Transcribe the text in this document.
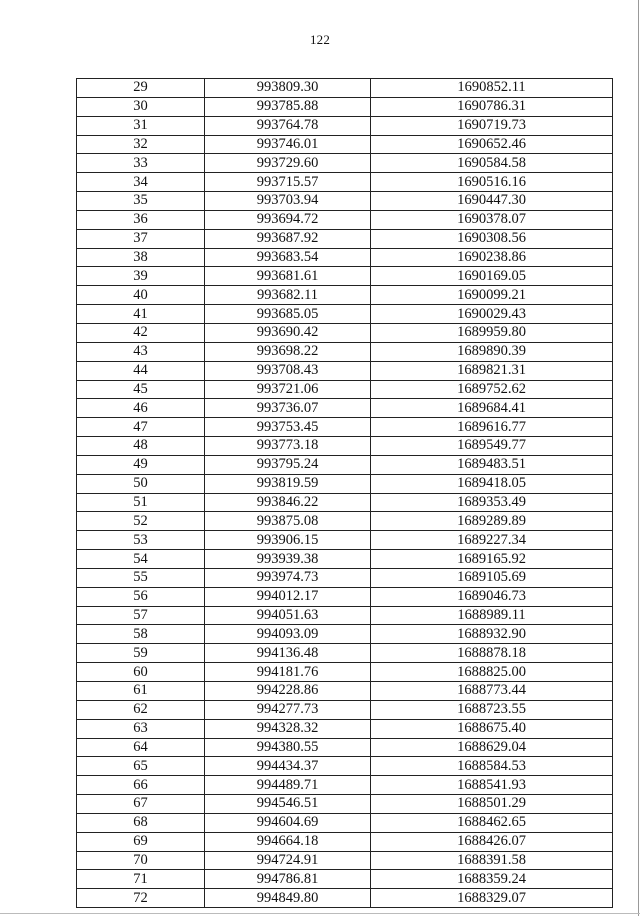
122
29	993809.30	1690852.11
30	993785.88	1690786.31
31	993764.78	1690719.73
32	993746.01	1690652.46
33	993729.60	1690584.58
34	993715.57	1690516.16
35	993703.94	1690447.30
36	993694.72	1690378.07
37	993687.92	1690308.56
38	993683.54	1690238.86
39	993681.61	1690169.05
40	993682.11	1690099.21
41	993685.05	1690029.43
42	993690.42	1689959.80
43	993698.22	1689890.39
44	993708.43	1689821.31
45	993721.06	1689752.62
46	993736.07	1689684.41
47	993753.45	1689616.77
48	993773.18	1689549.77
49	993795.24	1689483.51
50	993819.59	1689418.05
51	993846.22	1689353.49
52	993875.08	1689289.89
53	993906.15	1689227.34
54	993939.38	1689165.92
55	993974.73	1689105.69
56	994012.17	1689046.73
57	994051.63	1688989.11
58	994093.09	1688932.90
59	994136.48	1688878.18
60	994181.76	1688825.00
61	994228.86	1688773.44
62	994277.73	1688723.55
63	994328.32	1688675.40
64	994380.55	1688629.04
65	994434.37	1688584.53
66	994489.71	1688541.93
67	994546.51	1688501.29
68	994604.69	1688462.65
69	994664.18	1688426.07
70	994724.91	1688391.58
71	994786.81	1688359.24
72	994849.80	1688329.07
